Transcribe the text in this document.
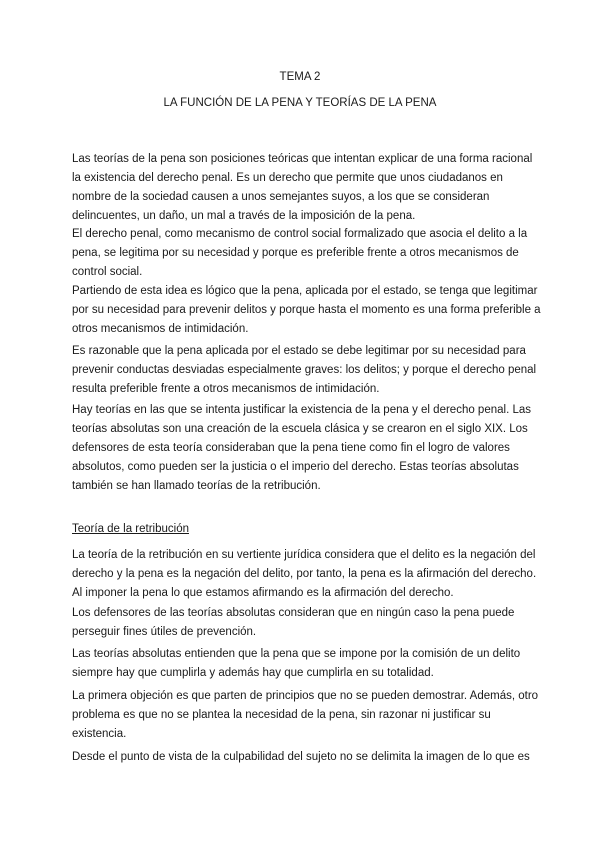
TEMA 2
LA FUNCIÓN DE LA PENA Y TEORÍAS DE LA PENA
Las teorías de la pena son posiciones teóricas que intentan explicar de una forma racional
la existencia del derecho penal. Es un derecho que permite que unos ciudadanos en
nombre de la sociedad causen a unos semejantes suyos, a los que se consideran
delincuentes, un daño, un mal a través de la imposición de la pena.
El derecho penal, como mecanismo de control social formalizado que asocia el delito a la
pena, se legitima por su necesidad y porque es preferible frente a otros mecanismos de
control social.
Partiendo de esta idea es lógico que la pena, aplicada por el estado, se tenga que legitimar
por su necesidad para prevenir delitos y porque hasta el momento es una forma preferible a
otros mecanismos de intimidación.
Es razonable que la pena aplicada por el estado se debe legitimar por su necesidad para
prevenir conductas desviadas especialmente graves: los delitos; y porque el derecho penal
resulta preferible frente a otros mecanismos de intimidación.
Hay teorías en las que se intenta justificar la existencia de la pena y el derecho penal. Las
teorías absolutas son una creación de la escuela clásica y se crearon en el siglo XIX. Los
defensores de esta teoría consideraban que la pena tiene como fin el logro de valores
absolutos, como pueden ser la justicia o el imperio del derecho. Estas teorías absolutas
también se han llamado teorías de la retribución.
Teoría de la retribución
La teoría de la retribución en su vertiente jurídica considera que el delito es la negación del
derecho y la pena es la negación del delito, por tanto, la pena es la afirmación del derecho.
Al imponer la pena lo que estamos afirmando es la afirmación del derecho.
Los defensores de las teorías absolutas consideran que en ningún caso la pena puede
perseguir fines útiles de prevención.
Las teorías absolutas entienden que la pena que se impone por la comisión de un delito
siempre hay que cumplirla y además hay que cumplirla en su totalidad.
La primera objeción es que parten de principios que no se pueden demostrar. Además, otro
problema es que no se plantea la necesidad de la pena, sin razonar ni justificar su
existencia.
Desde el punto de vista de la culpabilidad del sujeto no se delimita la imagen de lo que es
